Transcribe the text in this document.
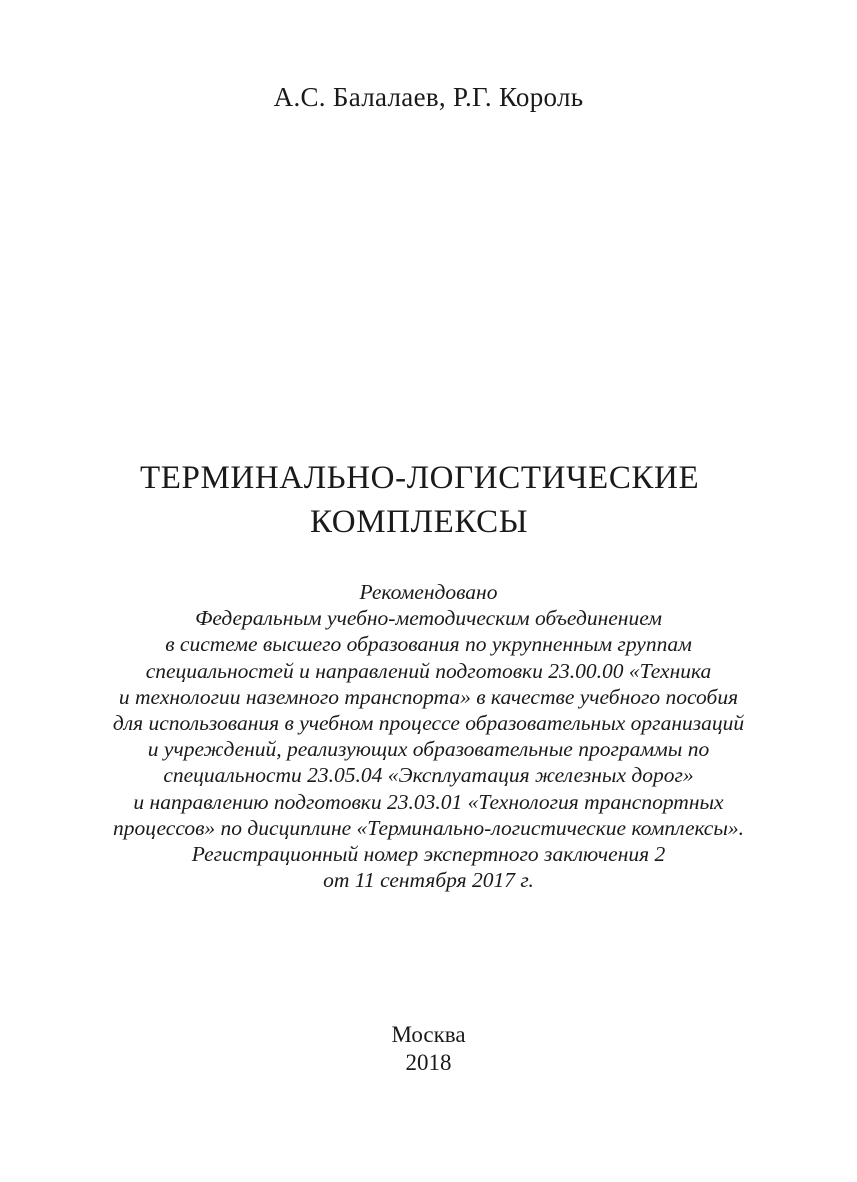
А.С. Балалаев, Р.Г. Король
ТЕРМИНАЛЬНО-ЛОГИСТИЧЕСКИЕ
КОМПЛЕКСЫ
Рекомендовано
Федеральным учебно-методическим объединением
в системе высшего образования по укрупненным группам
специальностей и направлений подготовки 23.00.00 «Техника
и технологии наземного транспорта» в качестве учебного пособия
для использования в учебном процессе образовательных организаций
и учреждений, реализующих образовательные программы по
специальности 23.05.04 «Эксплуатация железных дорог»
и направлению подготовки 23.03.01 «Технология транспортных
процессов» по дисциплине «Терминально-логистические комплексы».
Регистрационный номер экспертного заключения 2
от 11 сентября 2017 г.
Москва
2018
